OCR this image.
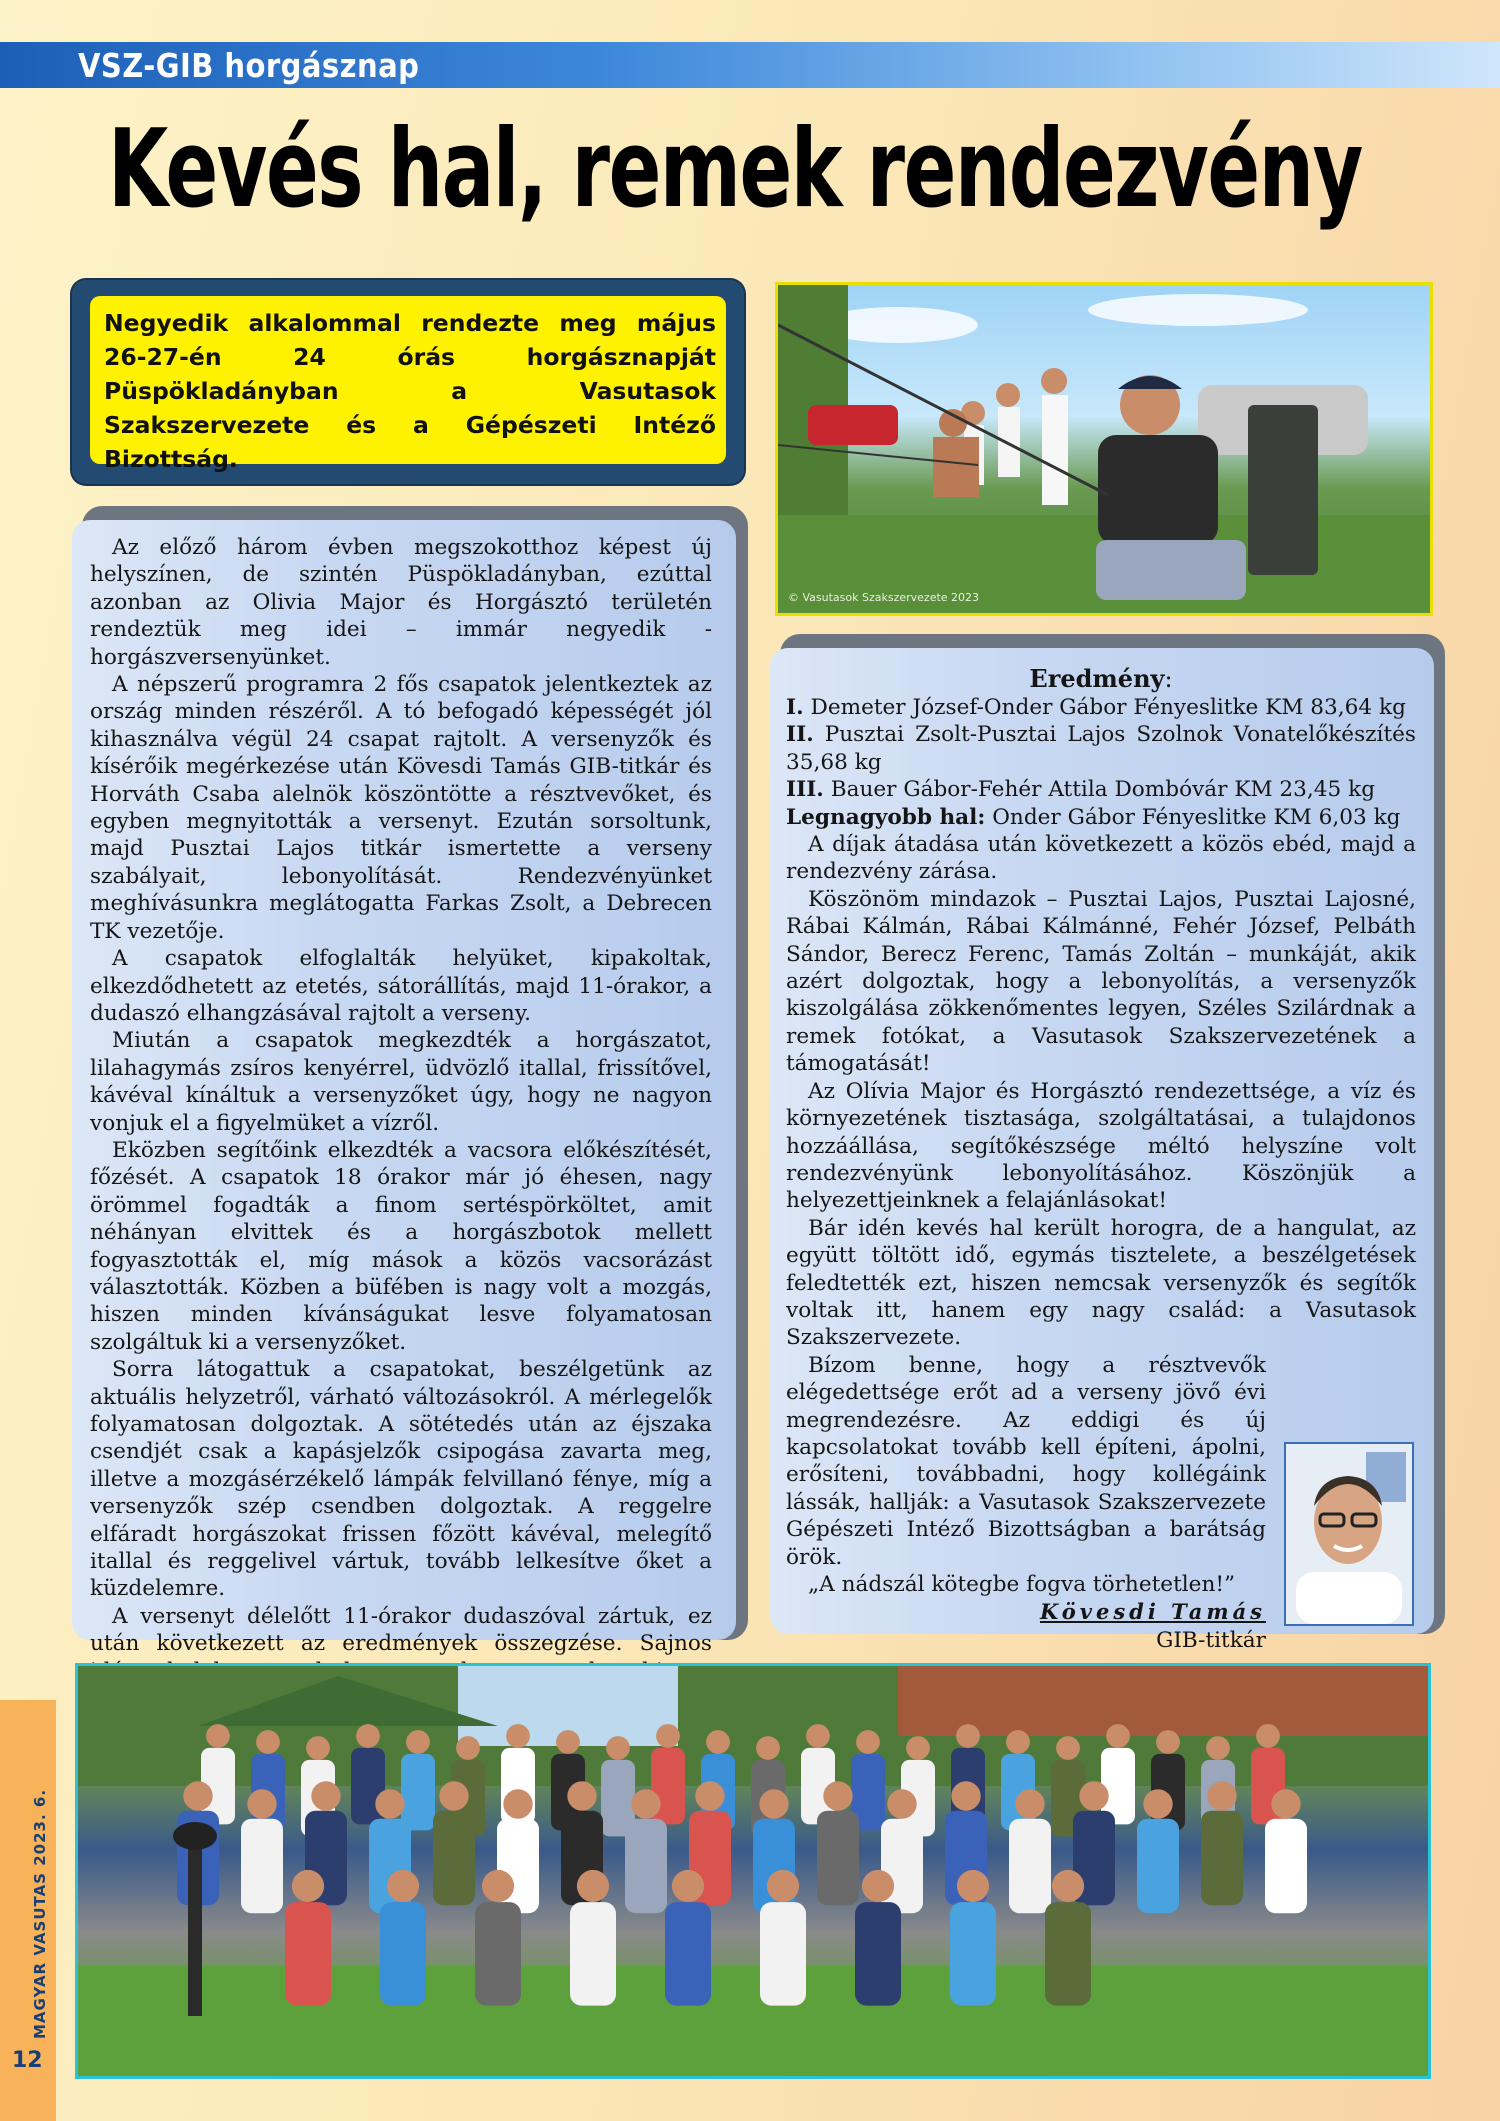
VSZ-GIB horgásznap
Kevés hal, remek rendezvény
Negyedik alkalommal rendezte meg május 26-27-én 24 órás horgásznapját Püspökladányban a Vasutasok Szakszervezete és a Gépészeti Intéző Bizottság.
© Vasutasok Szakszervezete 2023

Az előző három évben megszokotthoz képest új helyszínen, de szintén Püspökladányban, ezúttal azonban az Olivia Major és Horgásztó területén rendeztük meg idei – immár negyedik - horgászversenyünket.

A népszerű programra 2 fős csapatok jelentkeztek az ország minden részéről. A tó befogadó képességét jól kihasználva végül 24 csapat rajtolt. A versenyzők és kísérőik megérkezése után Kövesdi Tamás GIB-titkár és Horváth Csaba alelnök köszöntötte a résztvevőket, és egyben megnyitották a versenyt. Ezután sorsoltunk, majd Pusztai Lajos titkár ismertette a verseny szabályait, lebonyolítását. Rendezvényünket meghívásunkra meglátogatta Farkas Zsolt, a Debrecen TK vezetője.

A csapatok elfoglalták helyüket, kipakoltak, elkezdődhetett az etetés, sátorállítás, majd 11-órakor, a dudaszó elhangzásával rajtolt a verseny.

Miután a csapatok megkezdték a horgászatot, lilahagymás zsíros kenyérrel, üdvözlő itallal, frissítővel, kávéval kínáltuk a versenyzőket úgy, hogy ne nagyon vonjuk el a figyelmüket a vízről.

Eközben segítőink elkezdték a vacsora előkészítését, főzését. A csapatok 18 órakor már jó éhesen, nagy örömmel fogadták a finom sertéspörköltet, amit néhányan elvittek és a horgászbotok mellett fogyasztották el, míg mások a közös vacsorázást választották. Közben a büfében is nagy volt a mozgás, hiszen minden kívánságukat lesve folyamatosan szolgáltuk ki a versenyzőket.

Sorra látogattuk a csapatokat, beszélgetünk az aktuális helyzetről, várható változásokról. A mérlegelők folyamatosan dolgoztak. A sötétedés után az éjszaka csendjét csak a kapásjelzők csipogása zavarta meg, illetve a mozgásérzékelő lámpák felvillanó fénye, míg a versenyzők szép csendben dolgoztak. A reggelre elfáradt horgászokat frissen főzött kávéval, melegítő itallal és reggelivel vártuk, tovább lelkesítve őket a küzdelemre.

A versenyt délelőtt 11-órakor dudaszóval zártuk, ez után következett az eredmények összegzése. Sajnos

Eredmény:

I. Demeter József-Onder Gábor Fényeslitke KM 83,64 kg

II. Pusztai Zsolt-Pusztai Lajos Szolnok Vonatelőkészítés 35,68 kg

III. Bauer Gábor-Fehér Attila Dombóvár KM 23,45 kg

Legnagyobb hal: Onder Gábor Fényeslitke KM 6,03 kg

A díjak átadása után következett a közös ebéd, majd a rendezvény zárása.

Köszönöm mindazok – Pusztai Lajos, Pusztai Lajosné, Rábai Kálmán, Rábai Kálmánné, Fehér József, Pelbáth Sándor, Berecz Ferenc, Tamás Zoltán – munkáját, akik azért dolgoztak, hogy a lebonyolítás, a versenyzők kiszolgálása zökkenőmentes legyen, Széles Szilárdnak a remek fotókat, a Vasutasok Szakszervezetének a támogatását!

Az Olívia Major és Horgásztó rendezettsége, a víz és környezetének tisztasága, szolgáltatásai, a tulajdonos hozzáállása, segítőkészsége méltó helyszíne volt rendezvényünk lebonyolításához. Köszönjük a helyezettjeinknek a felajánlásokat!

Bár idén kevés hal került horogra, de a hangulat, az együtt töltött idő, egymás tisztelete, a beszélgetések feledtették ezt, hiszen nemcsak versenyzők és segítők voltak itt, hanem egy nagy család: a Vasutasok Szakszervezete.

Bízom benne, hogy a résztvevők elégedettsége erőt ad a verseny jövő évi megrendezésre. Az eddigi és új kapcsolatokat tovább kell építeni, ápolni, erősíteni, továbbadni, hogy kollégáink lássák, hallják: a Vasutasok Szakszervezete Gépészeti Intéző Bizottságban a barátság örök.

„A nádszál kötegbe fogva törhetetlen!”

Kövesdi Tamás

GIB-titkár

MAGYAR VASUTAS 2023. 6.
12
